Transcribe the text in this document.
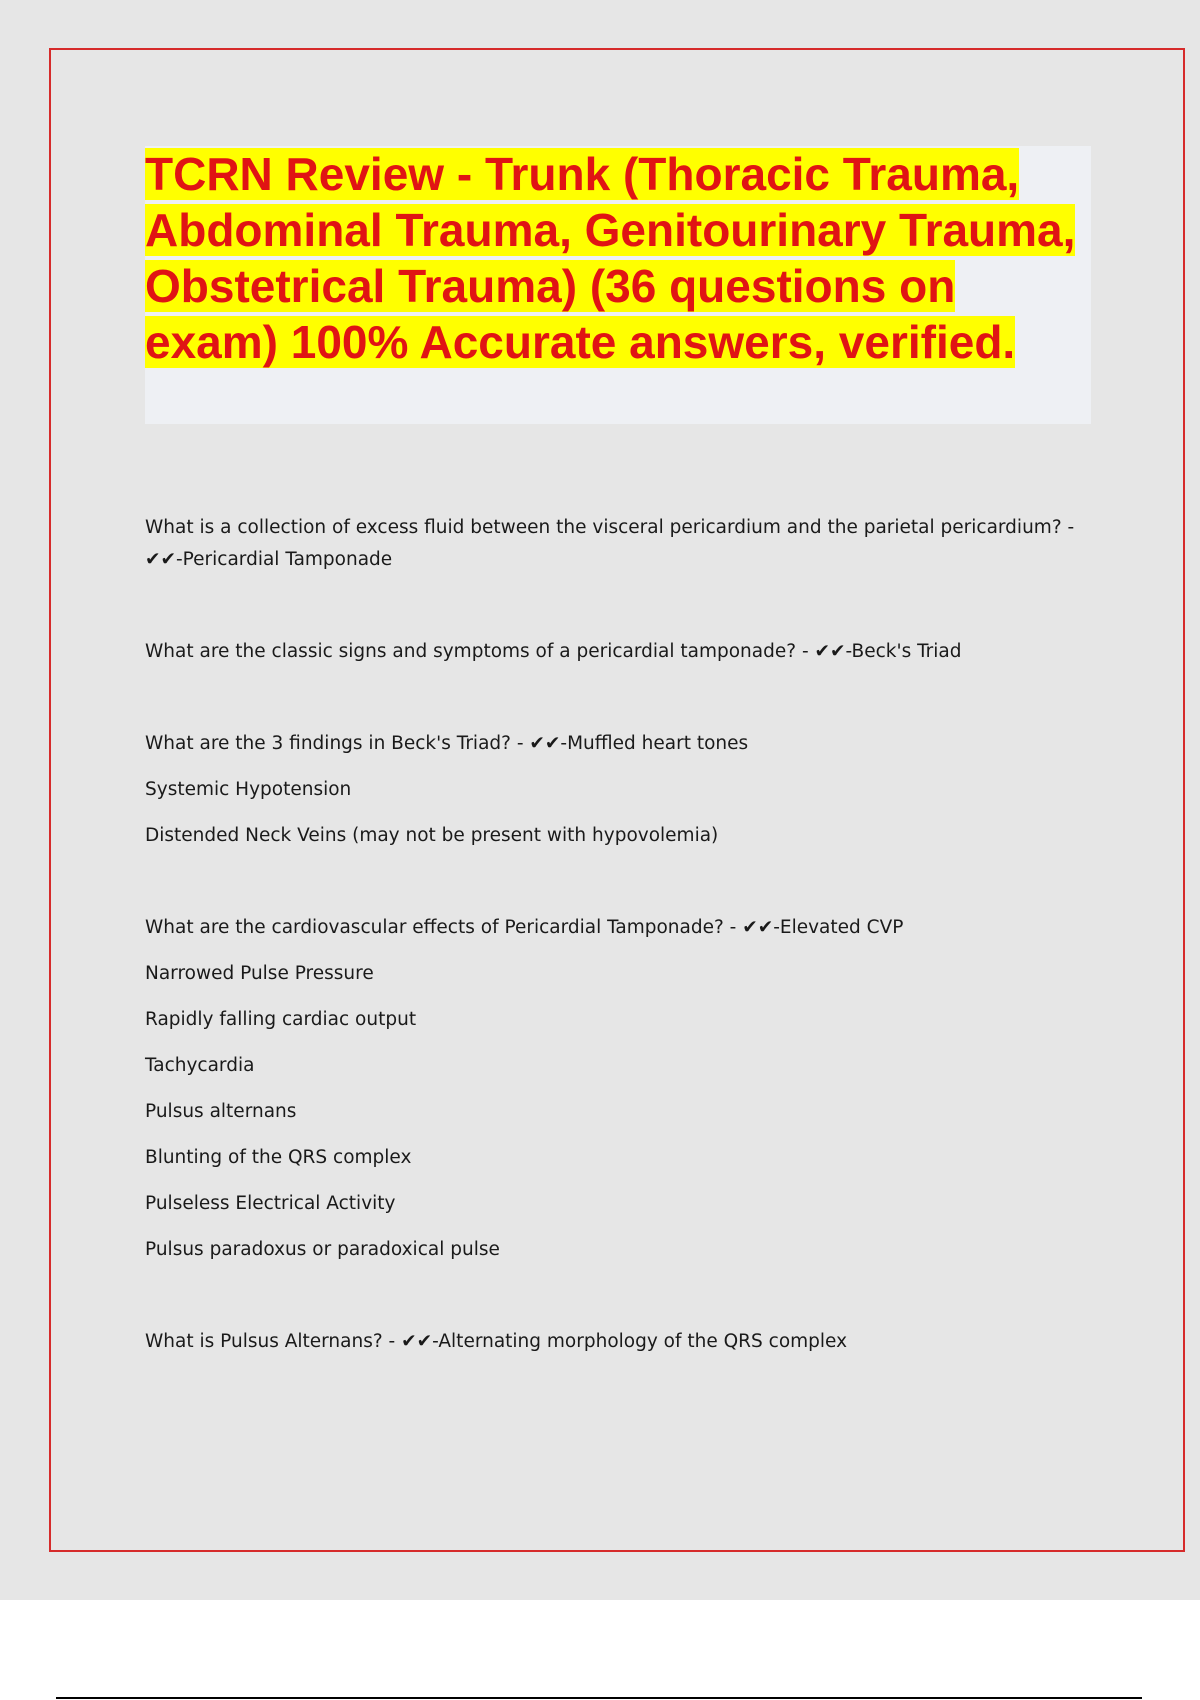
TCRN Review - Trunk (Thoracic Trauma, Abdominal Trauma, Genitourinary Trauma, Obstetrical Trauma) (36 questions on exam) 100% Accurate answers, verified.

What is a collection of excess fluid between the visceral pericardium and the parietal pericardium? -

✔✔-Pericardial Tamponade

What are the classic signs and symptoms of a pericardial tamponade? - ✔✔-Beck's Triad

What are the 3 findings in Beck's Triad? - ✔✔-Muffled heart tones

Systemic Hypotension

Distended Neck Veins (may not be present with hypovolemia)

What are the cardiovascular effects of Pericardial Tamponade? - ✔✔-Elevated CVP

Narrowed Pulse Pressure

Rapidly falling cardiac output

Tachycardia

Pulsus alternans

Blunting of the QRS complex

Pulseless Electrical Activity

Pulsus paradoxus or paradoxical pulse

What is Pulsus Alternans? - ✔✔-Alternating morphology of the QRS complex
